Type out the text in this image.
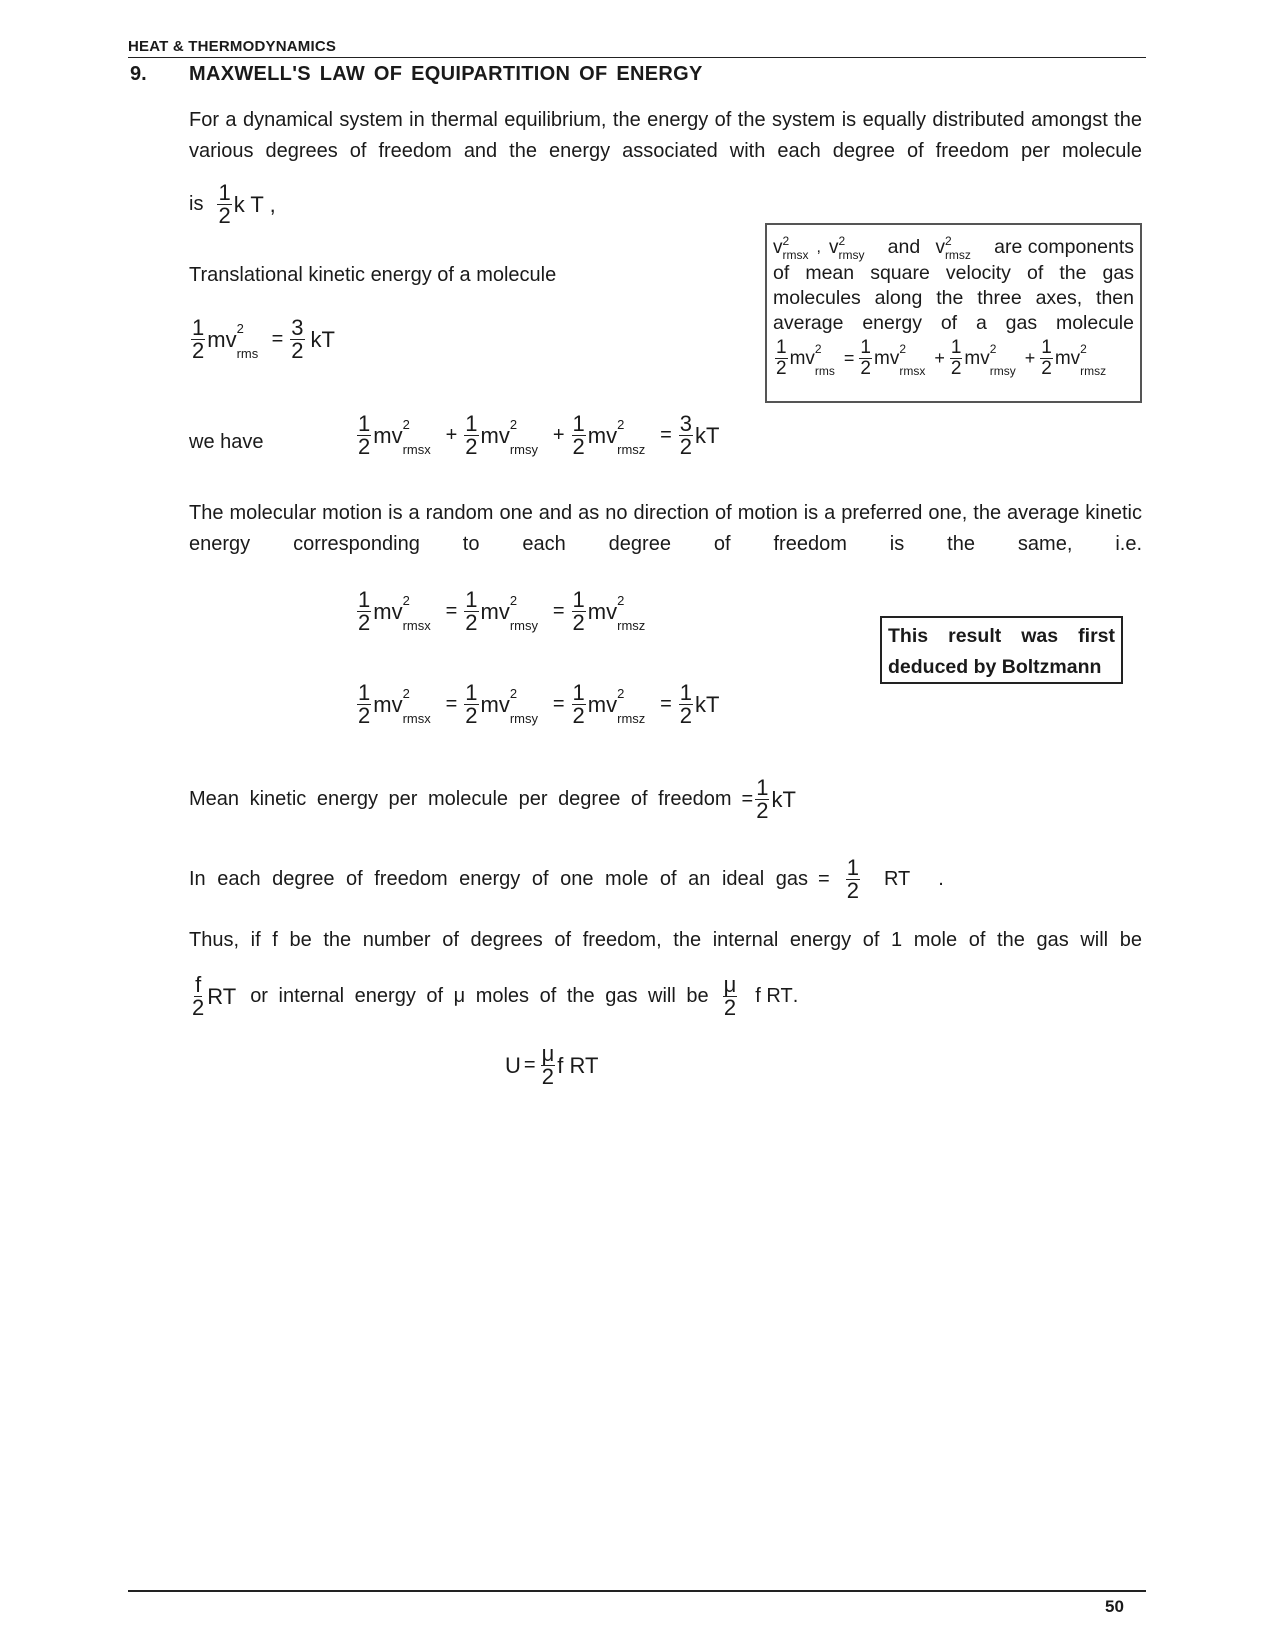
HEAT & THERMODYNAMICS
9. MAXWELL'S LAW OF EQUIPARTITION OF ENERGY
For a dynamical system in thermal equilibrium, the energy of the system is equally distributed amongst the various degrees of freedom and the energy associated with each degree of freedom per molecule
is $\frac{1}{2}$ k T ,
Translational kinetic energy of a molecule
$\frac{1}{2}$ mv 2
rms
= $\frac{3}{2}$ kT
we have	$\frac{1}{2}$ mv 2
rmsx
+ $\frac{1}{2}$ mv 2
rmsy
+ $\frac{1}{2}$ mv 2
rmsz
= $\frac{3}{2}$ kT
v 2
rmsx , v 2
rmsy and v 2
rmsz are components
of mean square velocity of the gas
molecules along the three axes, then
average energy of a gas molecule
$\frac{1}{2}$ mv 2
rms
= $\frac{1}{2}$ mv 2
rmsx
+ $\frac{1}{2}$ mv 2
rmsy
+ $\frac{1}{2}$ mv 2
rmsz
The molecular motion is a random one and as no direction of motion is a preferred one, the average kinetic energy corresponding to each degree of freedom is the same, i.e.
$\frac{1}{2}$ mv 2
rmsx
= $\frac{1}{2}$ mv 2
rmsy
= $\frac{1}{2}$ mv 2
rmsz	This result was first
deduced by Boltzmann
$\frac{1}{2}$ mv 2
rmsx
= $\frac{1}{2}$ mv 2
rmsy
= $\frac{1}{2}$ mv 2
rmsz
= $\frac{1}{2}$ kT
Mean kinetic energy per molecule per degree of freedom = $\frac{1}{2}$ kT
In each degree of freedom energy of one mole of an ideal gas = $\frac{1}{2}$ RT .
Thus, if f be the number of degrees of freedom, the internal energy of 1 mole of the gas will be
$\frac{f}{2}$ RT or internal energy of μ moles of the gas will be $\frac{\mu}{2}$ f RT .
$U = \frac{\mu}{2}$ f RT
50
